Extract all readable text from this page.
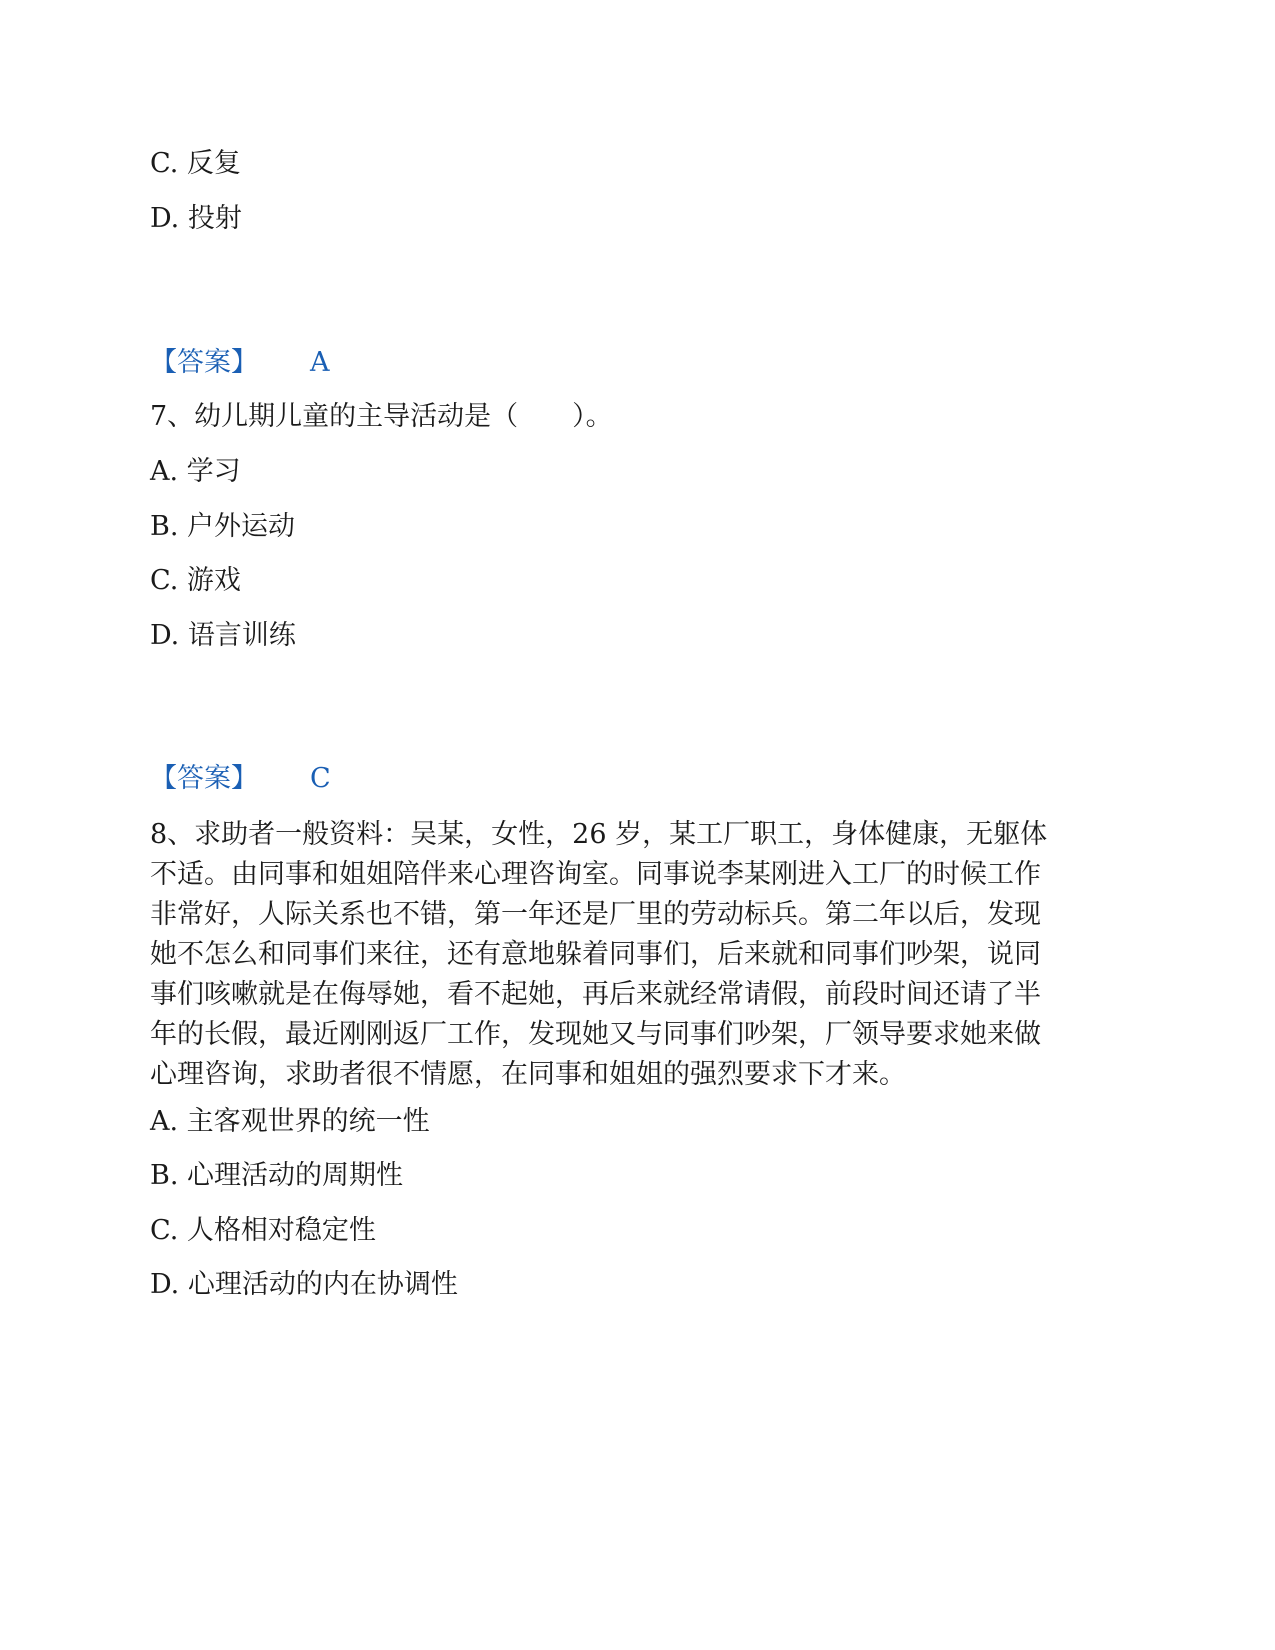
C. 反复
D. 投射
【答案】 A
7、幼儿期儿童的主导活动是（　　）。
A. 学习
B. 户外运动
C. 游戏
D. 语言训练
【答案】 C

8、求助者一般资料：吴某，女性，26 岁，某工厂职工，身体健康，无躯体

不适。由同事和姐姐陪伴来心理咨询室。同事说李某刚进入工厂的时候工作

非常好，人际关系也不错，第一年还是厂里的劳动标兵。第二年以后，发现

她不怎么和同事们来往，还有意地躲着同事们，后来就和同事们吵架，说同

事们咳嗽就是在侮辱她，看不起她，再后来就经常请假，前段时间还请了半

年的长假，最近刚刚返厂工作，发现她又与同事们吵架，厂领导要求她来做

心理咨询，求助者很不情愿，在同事和姐姐的强烈要求下才来。

A. 主客观世界的统一性
B. 心理活动的周期性
C. 人格相对稳定性
D. 心理活动的内在协调性
